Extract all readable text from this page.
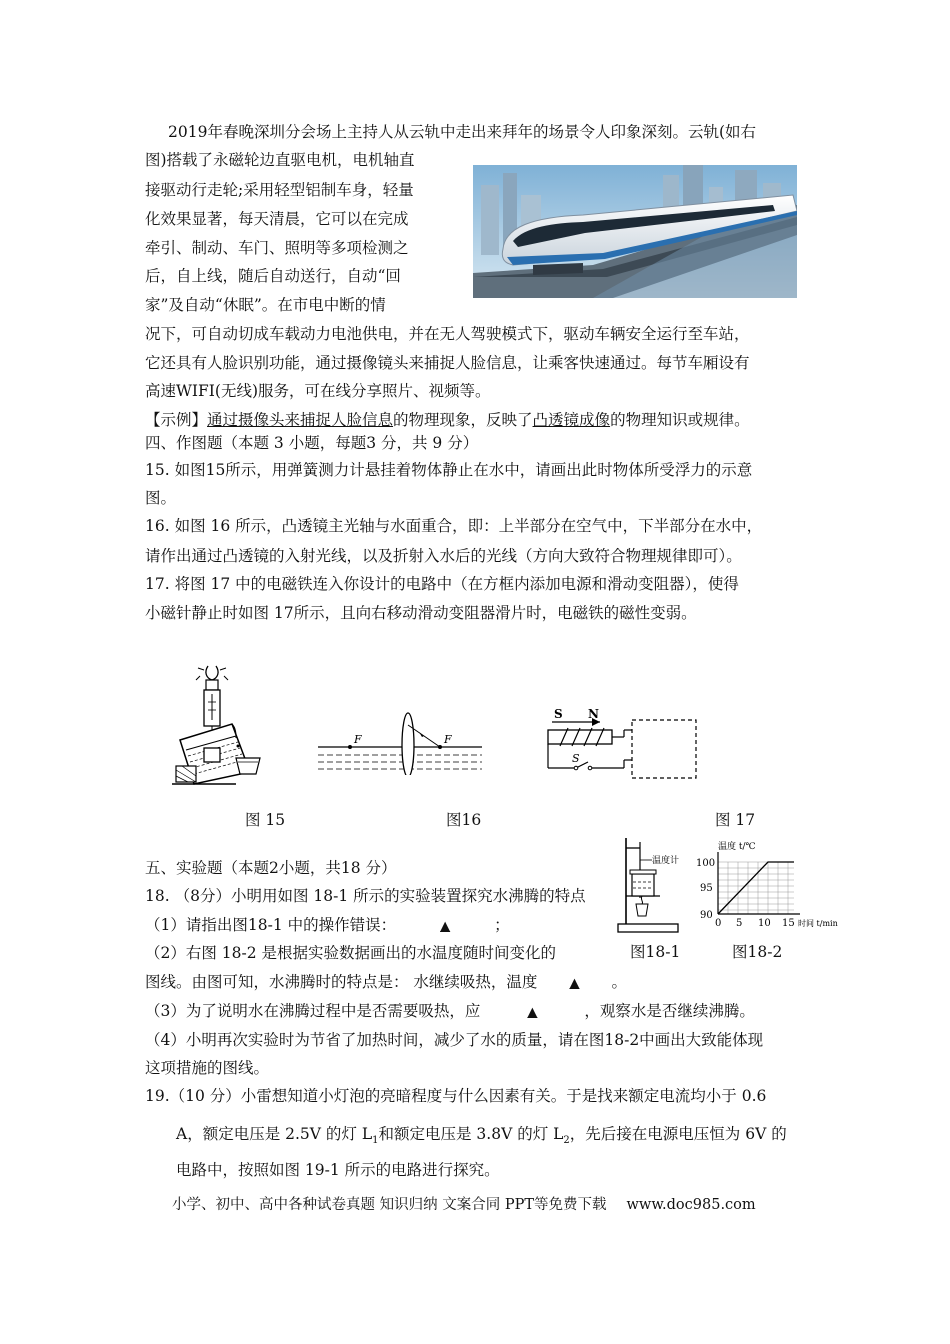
2019年春晚深圳分会场上主持人从云轨中走出来拜年的场景令人印象深刻。云轨(如右
图)搭载了永磁轮边直驱电机，电机轴直
接驱动行走轮;采用轻型铝制车身，轻量
化效果显著，每天清晨，它可以在完成
牵引、制动、车门、照明等多项检测之
后，自上线，随后自动送行，自动“回
家”及自动“休眠”。在市电中断的情
况下，可自动切成车载动力电池供电，并在无人驾驶模式下，驱动车辆安全运行至车站，
它还具有人脸识别功能，通过摄像镜头来捕捉人脸信息，让乘客快速通过。每节车厢设有
高速WIFI(无线)服务，可在线分享照片、视频等。
【示例】通过摄像头来捕捉人脸信息的物理现象，反映了凸透镜成像的物理知识或规律。
四、作图题（本题 3 小题，每题3 分，共 9 分）
15. 如图15所示，用弹簧测力计悬挂着物体静止在水中，请画出此时物体所受浮力的示意
图。
16. 如图 16 所示，凸透镜主光轴与水面重合，即：上半部分在空气中，下半部分在水中，
请作出通过凸透镜的入射光线，以及折射入水后的光线（方向大致符合物理规律即可）。
17. 将图 17 中的电磁铁连入你设计的电路中（在方框内添加电源和滑动变阻器），使得
小磁针静止时如图 17所示，且向右移动滑动变阻器滑片时，电磁铁的磁性变弱。
F	F
S N
S
图 15	图16	图 17
五、实验题（本题2小题，共18 分）
18. （8分）小明用如图 18-1 所示的实验装置探究水沸腾的特点
（1）请指出图18-1 中的操作错误：	▲	；
（2）右图 18-2 是根据实验数据画出的水温度随时间变化的
图线。由图可知，水沸腾时的特点是： 水继续吸热，温度 ▲ 。
（3）为了说明水在沸腾过程中是否需要吸热，应	▲	，观察水是否继续沸腾。
（4）小明再次实验时为节省了加热时间，减少了水的质量，请在图18-2中画出大致能体现
这项措施的图线。
温度计
温度 t/℃
100
95
90
0 5 10 15 时间 t/min
图18-1	图18-2
19.（10 分）小雷想知道小灯泡的亮暗程度与什么因素有关。于是找来额定电流均小于 0.6
A，额定电压是 2.5V 的灯 $L_1$和额定电压是 3.8V 的灯 $L_2$，先后接在电源电压恒为 6V 的
电路中，按照如图 19-1 所示的电路进行探究。
小学、初中、高中各种试卷真题 知识归纳 文案合同 PPT等免费下载 www.doc985.com
